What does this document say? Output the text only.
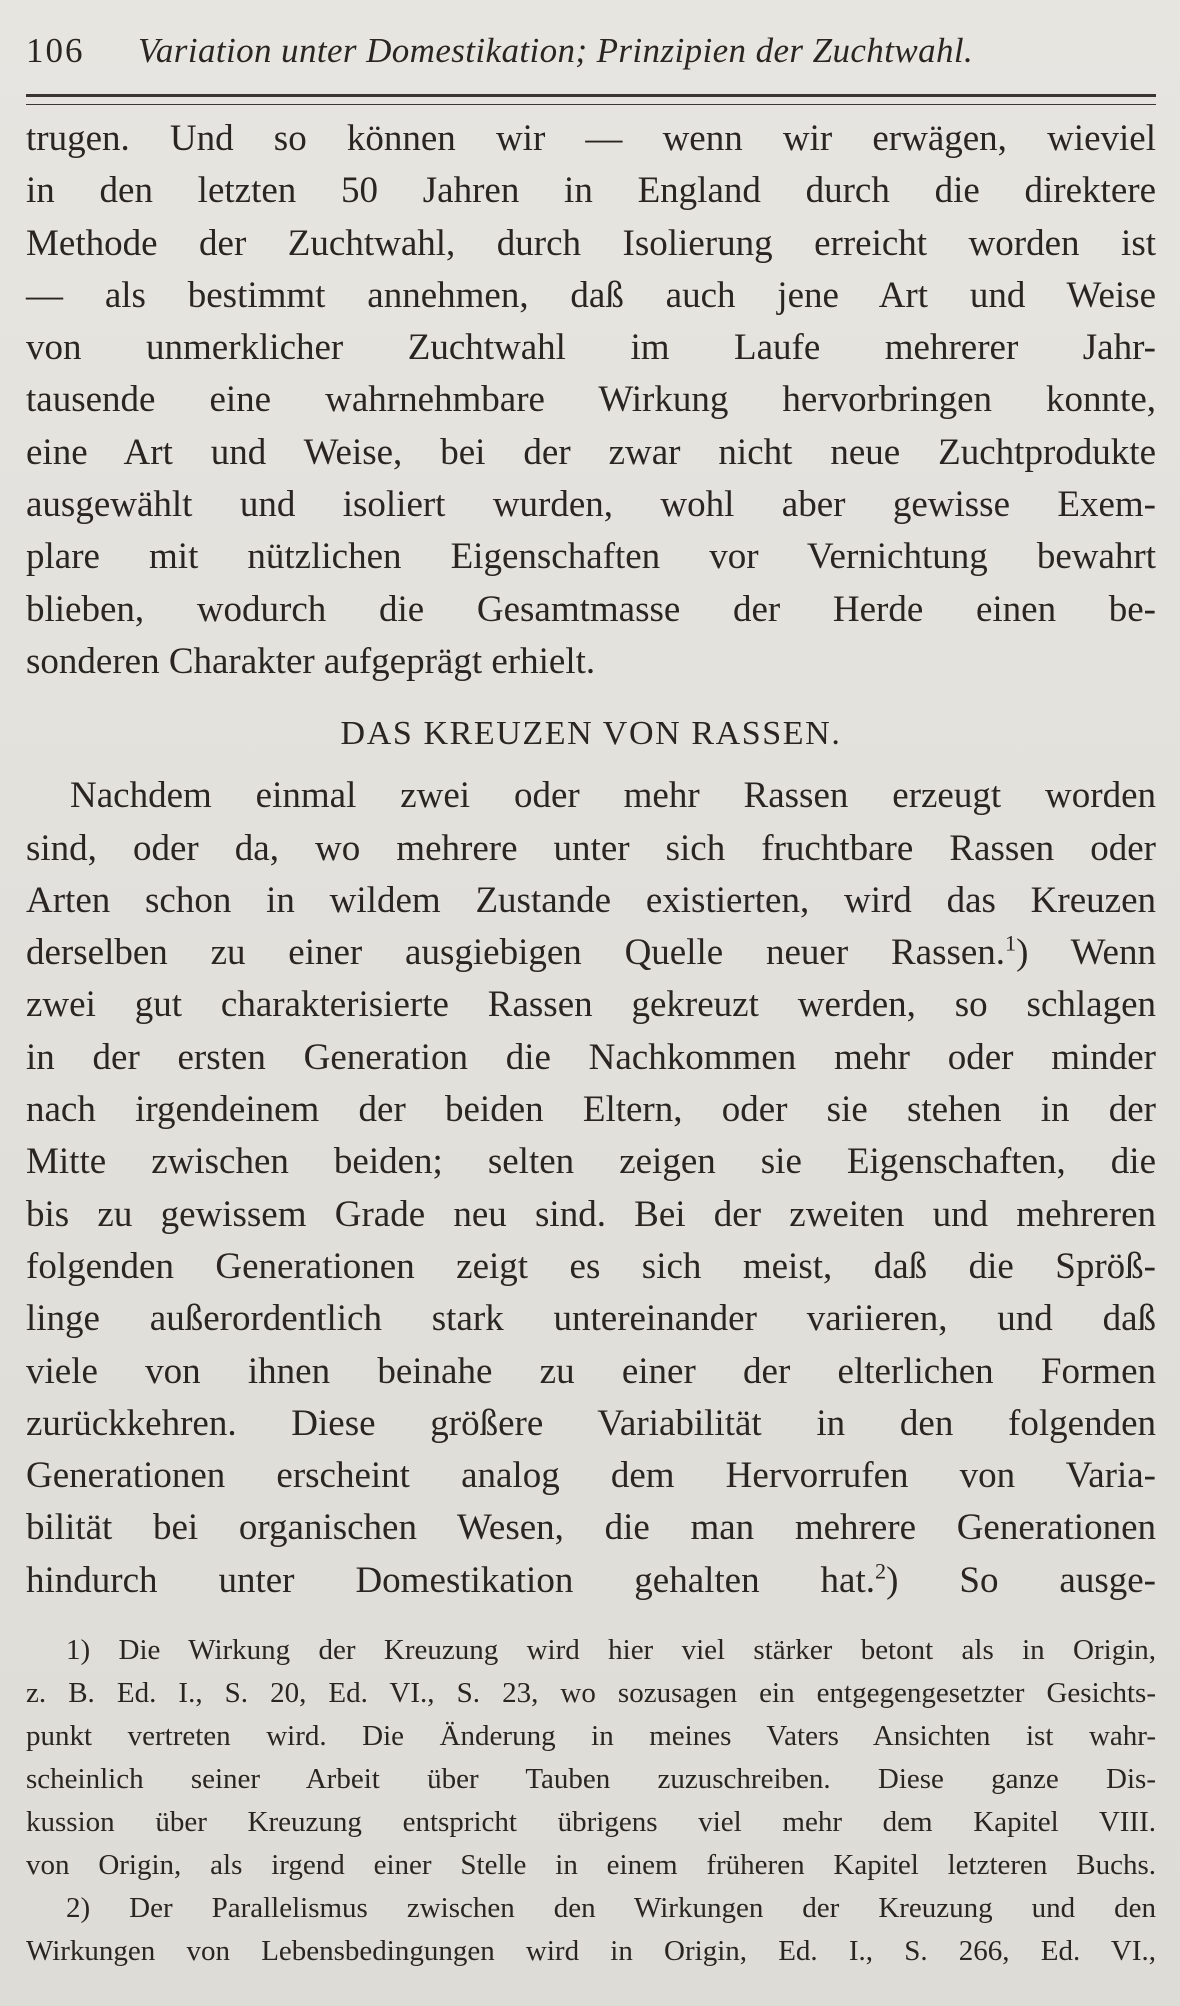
106	Variation unter Domestikation; Prinzipien der Zuchtwahl.
trugen. Und so können wir — wenn wir erwägen, wieviel
in den letzten 50 Jahren in England durch die direktere
Methode der Zuchtwahl, durch Isolierung erreicht worden ist
— als bestimmt annehmen, daß auch jene Art und Weise
von unmerklicher Zuchtwahl im Laufe mehrerer Jahr-
tausende eine wahrnehmbare Wirkung hervorbringen konnte,
eine Art und Weise, bei der zwar nicht neue Zuchtprodukte
ausgewählt und isoliert wurden, wohl aber gewisse Exem-
plare mit nützlichen Eigenschaften vor Vernichtung bewahrt
blieben, wodurch die Gesamtmasse der Herde einen be-
sonderen Charakter aufgeprägt erhielt.
DAS KREUZEN VON RASSEN.
Nachdem einmal zwei oder mehr Rassen erzeugt worden
sind, oder da, wo mehrere unter sich fruchtbare Rassen oder
Arten schon in wildem Zustande existierten, wird das Kreuzen
derselben zu einer ausgiebigen Quelle neuer Rassen.$^1$) Wenn
zwei gut charakterisierte Rassen gekreuzt werden, so schlagen
in der ersten Generation die Nachkommen mehr oder minder
nach irgendeinem der beiden Eltern, oder sie stehen in der
Mitte zwischen beiden; selten zeigen sie Eigenschaften, die
bis zu gewissem Grade neu sind. Bei der zweiten und mehreren
folgenden Generationen zeigt es sich meist, daß die Spröß-
linge außerordentlich stark untereinander variieren, und daß
viele von ihnen beinahe zu einer der elterlichen Formen
zurückkehren. Diese größere Variabilität in den folgenden
Generationen erscheint analog dem Hervorrufen von Varia-
bilität bei organischen Wesen, die man mehrere Generationen
hindurch unter Domestikation gehalten hat.$^2$) So ausge-
1) Die Wirkung der Kreuzung wird hier viel stärker betont als in Origin,
z. B. Ed. I., S. 20, Ed. VI., S. 23, wo sozusagen ein entgegengesetzter Gesichts-
punkt vertreten wird. Die Änderung in meines Vaters Ansichten ist wahr-
scheinlich seiner Arbeit über Tauben zuzuschreiben. Diese ganze Dis-
kussion über Kreuzung entspricht übrigens viel mehr dem Kapitel VIII.
von Origin, als irgend einer Stelle in einem früheren Kapitel letzteren Buchs.
2) Der Parallelismus zwischen den Wirkungen der Kreuzung und den
Wirkungen von Lebensbedingungen wird in Origin, Ed. I., S. 266, Ed. VI.,
